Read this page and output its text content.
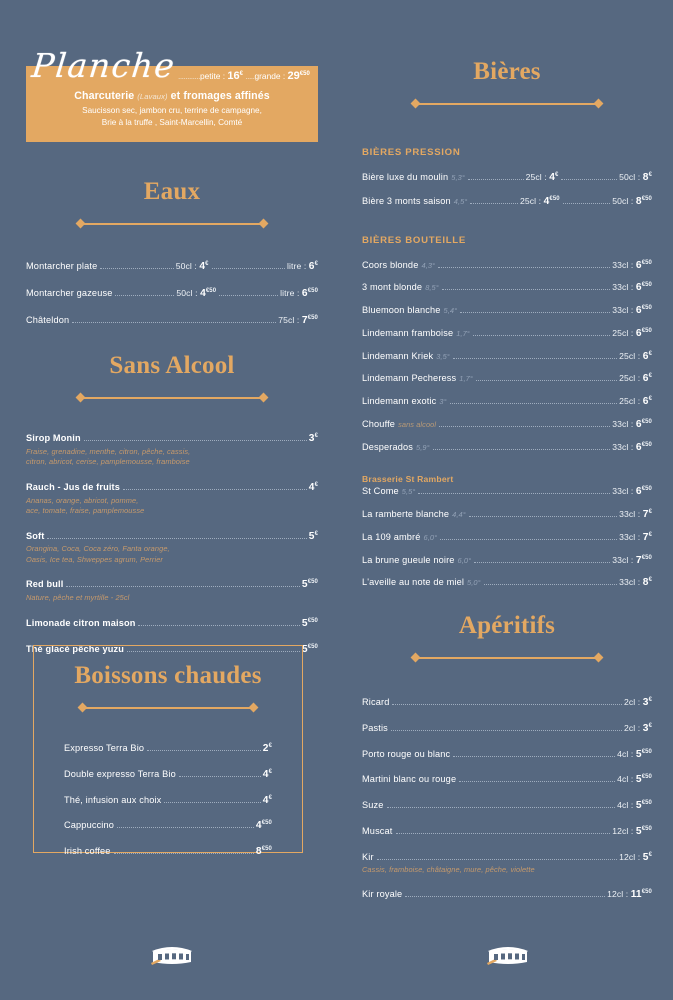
Planche ............petite : 16€ .....grande : $29^{€50}$
Charcuterie (Lavaux) et fromages affinés
Saucisson sec, jambon cru, terrine de campagne,
Brie à la truffe , Saint-Marcellin, Comté
Eaux
Montarcher plate	50cl : 4€	litre : 6€
Montarcher gazeuse	50cl : $4^{€50}$	litre : $6^{€50}$
Châteldon	75cl : $7^{€50}$
Sans Alcool
Sirop Monin	3€
Fraise, grenadine, menthe, citron, pêche, cassis,
citron, abricot, cerise, pamplemousse, framboise
Rauch - Jus de fruits	4€
Ananas, orange, abricot, pomme,
ace, tomate, fraise, pamplemousse
Soft	5€
Orangina, Coca, Coca zéro, Fanta orange,
Oasis, Ice tea, Shweppes agrum, Perrier
Red bull	$5^{€50}$
Nature, pêche et myrtille - 25cl
Limonade citron maison	$5^{€50}$
Thé glacé pêche yuzu	$5^{€50}$
Boissons chaudes
Expresso Terra Bio	2€
Double expresso Terra Bio	4€
Thé, infusion aux choix	4€
Cappuccino	$4^{€50}$
Irish coffee	$8^{€50}$
Bières
BIÈRES PRESSION
Bière luxe du moulin 5,3°	25cl : 4€	50cl : 8€
Bière 3 monts saison 4,5°	25cl : $4^{€50}$	50cl : $8^{€50}$
BIÈRES BOUTEILLE
Coors blonde 4,3°	33cl : $6^{€50}$
3 mont blonde 8,5°	33cl : $6^{€50}$
Bluemoon blanche 5,4°	33cl : $6^{€50}$
Lindemann framboise 1,7°	25cl : $6^{€50}$
Lindemann Kriek 3,5°	25cl : 6€
Lindemann Pecheress 1,7°	25cl : 6€
Lindemann exotic 3°	25cl : 6€
Chouffe sans alcool	33cl : $6^{€50}$
Desperados 5,9°	33cl : $6^{€50}$
Brasserie St Rambert
St Come 5,5°	33cl : $6^{€50}$
La ramberte blanche 4,4°	33cl : 7€
La 109 ambré 6,0°	33cl : 7€
La brune gueule noire 6,0°	33cl : $7^{€50}$
L'aveille au note de miel 5,0°	33cl : 8€
Apéritifs
Ricard	2cl : 3€
Pastis	2cl : 3€
Porto rouge ou blanc	4cl : $5^{€50}$
Martini blanc ou rouge	4cl : $5^{€50}$
Suze	4cl : $5^{€50}$
Muscat	12cl : $5^{€50}$
Kir	12cl : 5€
Cassis, framboise, châtaigne, mure, pêche, violette
Kir royale	12cl : $11^{€50}$
